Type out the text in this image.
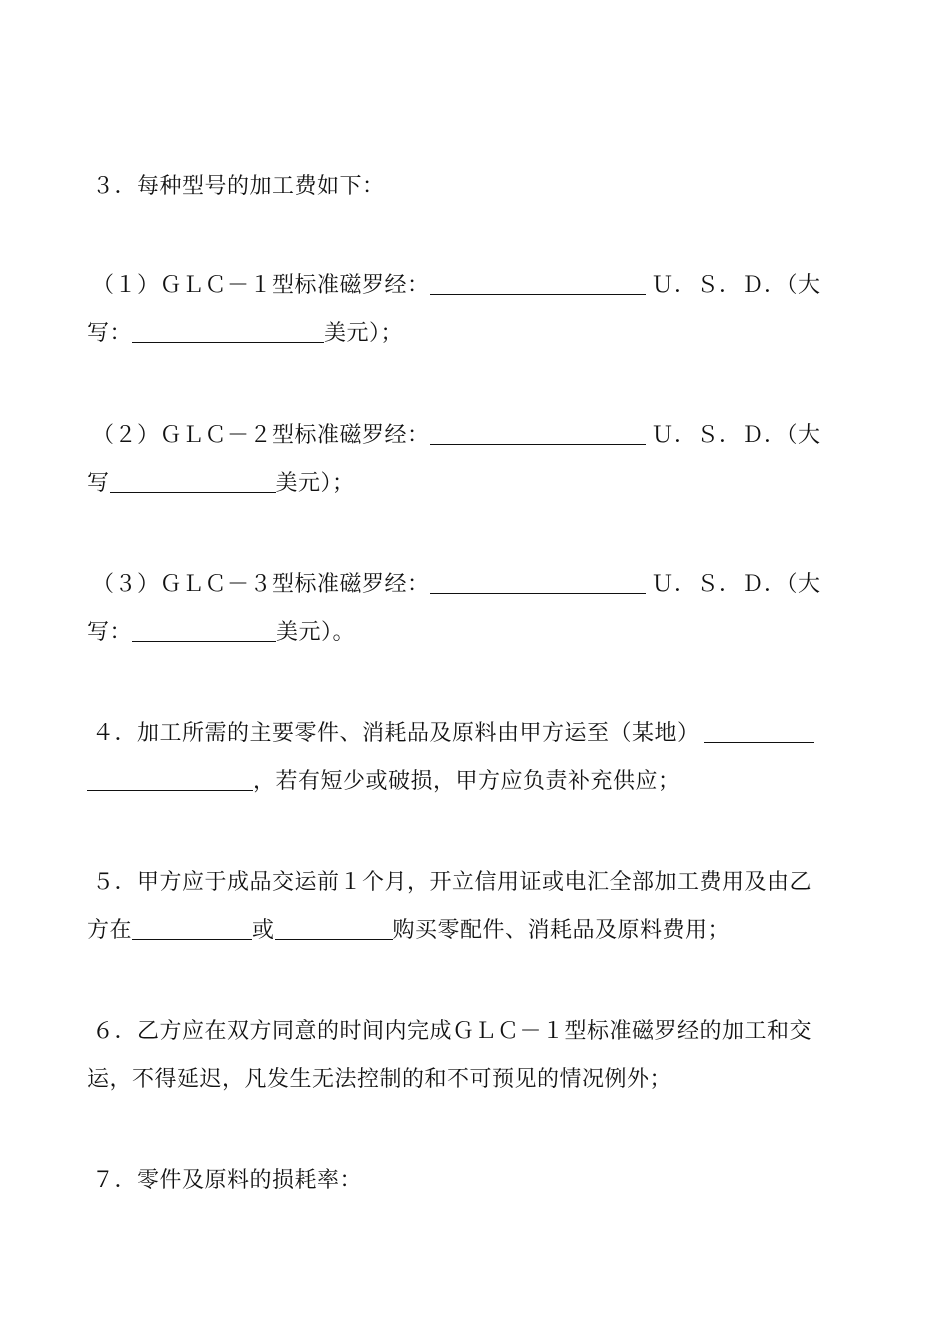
３．每种型号的加工费如下：
（１）ＧＬＣ－１型标准磁罗经：	Ｕ．Ｓ．Ｄ．（大
写：	美元）；
（２）ＧＬＣ－２型标准磁罗经：	Ｕ．Ｓ．Ｄ．（大
写	美元）；
（３）ＧＬＣ－３型标准磁罗经：	Ｕ．Ｓ．Ｄ．（大
写：	美元）。
４．加工所需的主要零件、消耗品及原料由甲方运至（某地）
，若有短少或破损，甲方应负责补充供应；
５．甲方应于成品交运前１个月，开立信用证或电汇全部加工费用及由乙
方在	或	购买零配件、消耗品及原料费用；
６．乙方应在双方同意的时间内完成ＧＬＣ－１型标准磁罗经的加工和交
运，不得延迟，凡发生无法控制的和不可预见的情况例外；
７．零件及原料的损耗率：
